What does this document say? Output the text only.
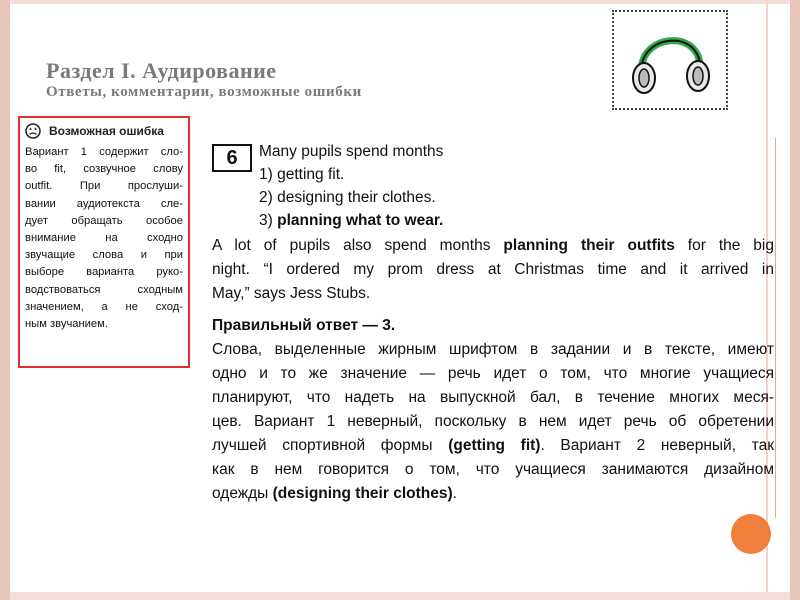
Раздел I. Аудирование
Ответы, комментарии, возможные ошибки
Возможная ошибка
Вариант 1 содержит сло-
во fit, созвучное слову
outfit. При прослуши-
вании аудиотекста сле-
дует обращать особое
внимание на сходно
звучащие слова и при
выборе варианта руко-
водствоваться сходным
значением, а не сход-
ным звучанием.
6	Many pupils spend months
1) getting fit.
2) designing their clothes.
3) planning what to wear.
A lot of pupils also spend months planning their outfits for the big
night. “I ordered my prom dress at Christmas time and it arrived in
May,” says Jess Stubs.
Правильный ответ — 3.
Слова, выделенные жирным шрифтом в задании и в тексте, имеют
одно и то же значение — речь идет о том, что многие учащиеся
планируют, что надеть на выпускной бал, в течение многих меся-
цев. Вариант 1 неверный, поскольку в нем идет речь об обретении
лучшей спортивной формы (getting fit). Вариант 2 неверный, так
как в нем говорится о том, что учащиеся занимаются дизайном
одежды (designing their clothes).
